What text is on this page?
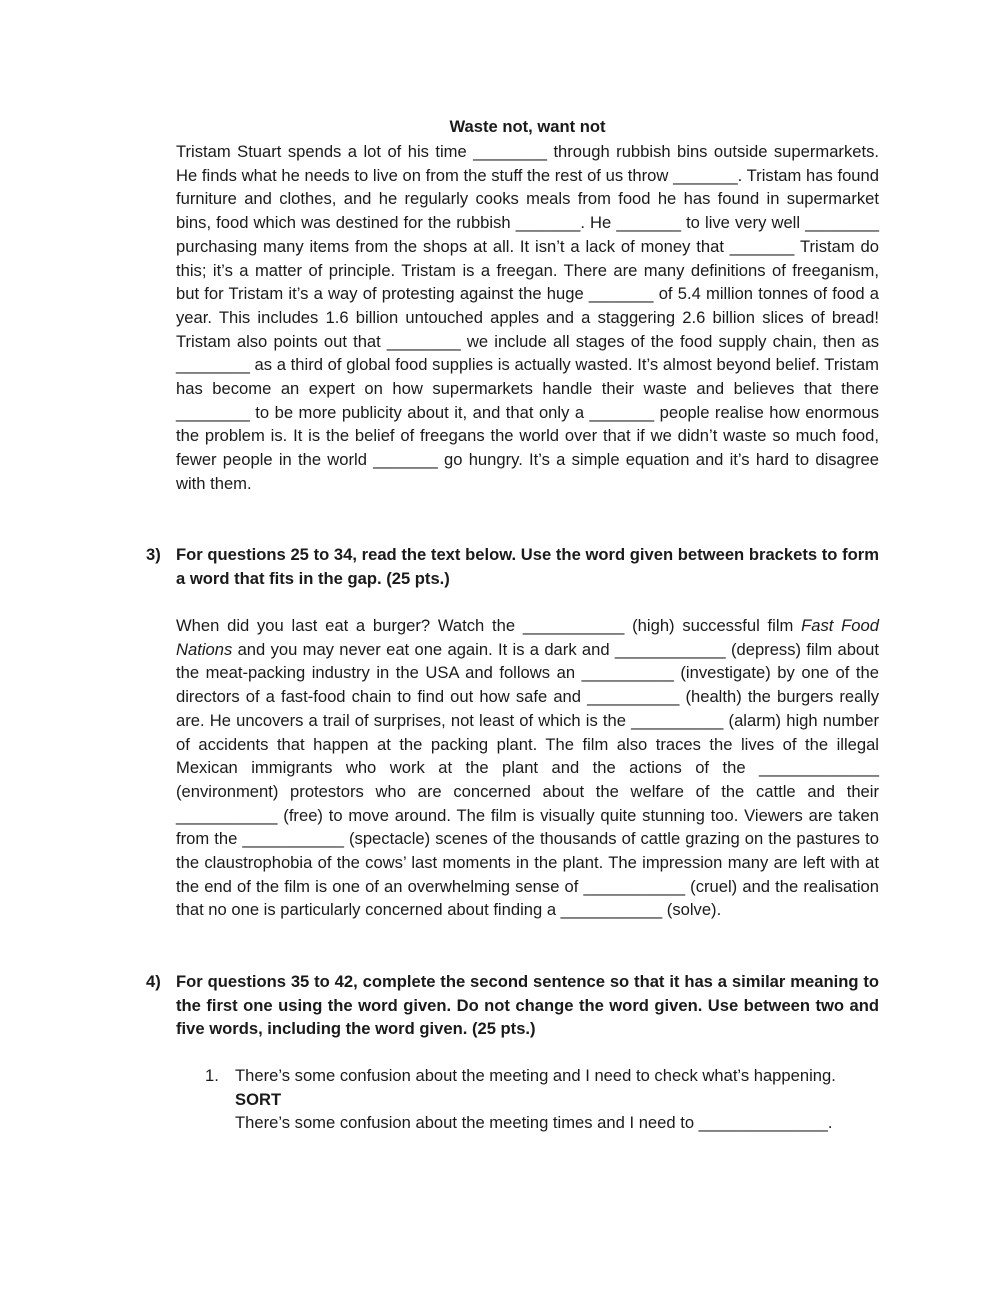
Waste not, want not

Tristam Stuart spends a lot of his time ________ through rubbish bins outside supermarkets. He finds what he needs to live on from the stuff the rest of us throw _______. Tristam has found furniture and clothes, and he regularly cooks meals from food he has found in supermarket bins, food which was destined for the rubbish _______. He _______ to live very well ________ purchasing many items from the shops at all. It isn’t a lack of money that _______ Tristam do this; it’s a matter of principle. Tristam is a freegan. There are many definitions of freeganism, but for Tristam it’s a way of protesting against the huge _______ of 5.4 million tonnes of food a year. This includes 1.6 billion untouched apples and a staggering 2.6 billion slices of bread! Tristam also points out that ________ we include all stages of the food supply chain, then as ________ as a third of global food supplies is actually wasted. It’s almost beyond belief. Tristam has become an expert on how supermarkets handle their waste and believes that there ________ to be more publicity about it, and that only a _______ people realise how enormous the problem is. It is the belief of freegans the world over that if we didn’t waste so much food, fewer people in the world _______ go hungry. It’s a simple equation and it’s hard to disagree with them.

3) For questions 25 to 34, read the text below. Use the word given between brackets to form a word that fits in the gap. (25 pts.)

When did you last eat a burger? Watch the ___________ (high) successful film Fast Food Nations and you may never eat one again. It is a dark and ____________ (depress) film about the meat-packing industry in the USA and follows an __________ (investigate) by one of the directors of a fast-food chain to find out how safe and __________ (health) the burgers really are. He uncovers a trail of surprises, not least of which is the __________ (alarm) high number of accidents that happen at the packing plant. The film also traces the lives of the illegal Mexican immigrants who work at the plant and the actions of the _____________ (environment) protestors who are concerned about the welfare of the cattle and their ___________ (free) to move around. The film is visually quite stunning too. Viewers are taken from the ___________ (spectacle) scenes of the thousands of cattle grazing on the pastures to the claustrophobia of the cows’ last moments in the plant. The impression many are left with at the end of the film is one of an overwhelming sense of ___________ (cruel) and the realisation that no one is particularly concerned about finding a ___________ (solve).

4) For questions 35 to 42, complete the second sentence so that it has a similar meaning to the first one using the word given. Do not change the word given. Use between two and five words, including the word given. (25 pts.)
1. There’s some confusion about the meeting and I need to check what’s happening.

SORT

There’s some confusion about the meeting times and I need to ______________.
